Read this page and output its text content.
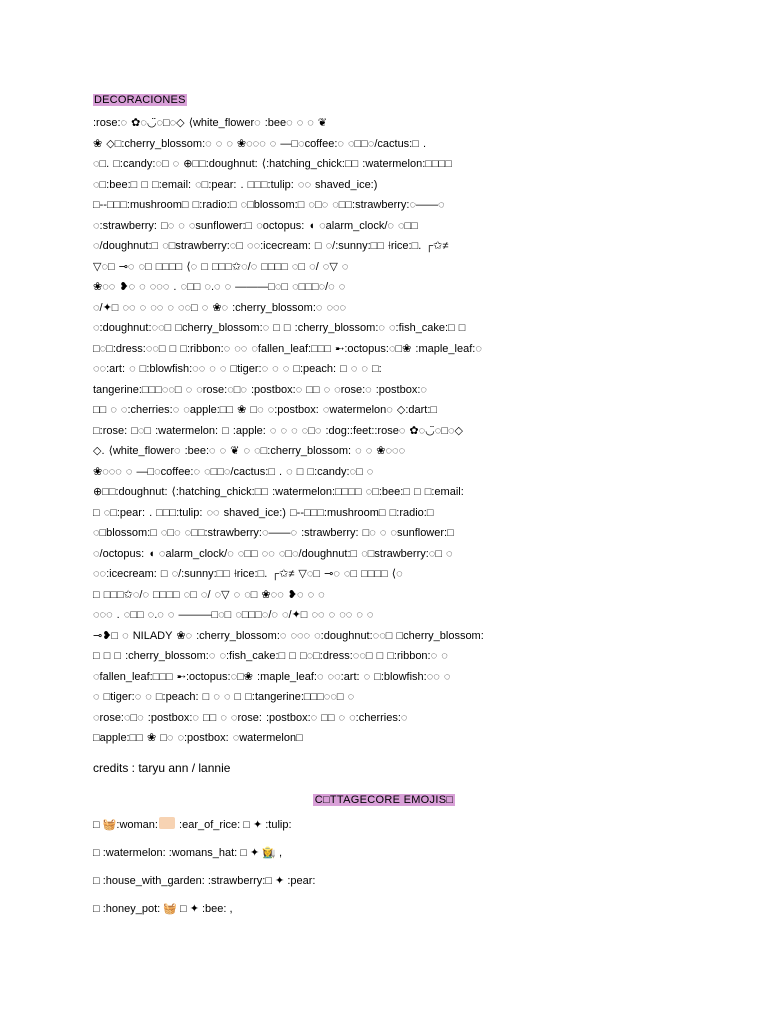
DECORACIONES
:rose:◌ ✿◌◡̈◌□◌◇ ⟨white_flower◌ :bee◌ ◌ ◌ ❦
❀ ◇□:cherry_blossom:◌ ◌ ◌ ❀◌◌◌ ◌ —□◌coffee:◌ ◌□□◌/cactus:□ .
◌□. □:candy:◌□ ◌ ⊕□□:doughnut: ⟨:hatching_chick:□□ :watermelon:□□□□
◌□:bee:□ □ □:email: ◌□:pear: . □□□:tulip: ◌◌ shaved_ice:)
□--□□□:mushroom□ □:radio:□ ◌□blossom:□ ◌□◌ ◌□□:strawberry:◌——◌
◌:strawberry: □◌ ◌ ◌sunflower:□ ◌octopus: ◖ ◌alarm_clock/◌ ◌□□
◌/doughnut:□ ◌□strawberry:◌□ ◌◌:icecream: □ ◌/:sunny:□□ ⟊rice:□. ┌✩≠
▽◌□ ⊸◌ ◌□ □□□□ ⟨◌ □ □□□✩◌/◌ □□□□ ◌□ ◌/ ◌▽ ◌
❀◌◌ ❥◌ ◌ ◌◌◌ . ◌□□ ◌.◌ ◌ ———□◌□ ◌□□□◌/◌ ◌
◌/✦□ ◌◌ ◌ ◌◌ ◌ ◌◌□ ◌ ❀◌ :cherry_blossom:◌ ◌◌◌
◌:doughnut:◌◌□ □cherry_blossom:◌ □ □ :cherry_blossom:◌ ◌:fish_cake:□ □
□◌□:dress:◌◌□ □ □:ribbon:◌ ◌◌ ◌fallen_leaf:□□□ ➸:octopus:◌□❀ :maple_leaf:◌
◌◌:art: ◌ □:blowfish:◌◌ ◌ ◌ □tiger:◌ ◌ ◌ □:peach: □ ◌ ◌ □:
tangerine:□□□◌◌□ ◌ ◌rose:◌□◌ :postbox:◌ □□ ◌ ◌rose:◌ :postbox:◌
□□ ◌ ◌:cherries:◌ ◌apple:□□ ❀ □◌ ◌:postbox: ◌watermelon◌ ◇:dart:□
□:rose: □◌□ :watermelon: □ :apple: ◌ ◌ ◌ ◌□◌ :dog::feet::rose◌ ✿◌◡̈◌□◌◇
◇. ⟨white_flower◌ :bee:◌ ◌ ❦ ◌ ◌□:cherry_blossom: ◌ ◌ ❀◌◌◌
❀◌◌◌ ◌ —□◌coffee:◌ ◌□□◌/cactus:□ . ◌ □ □:candy:◌□ ◌
⊕□□:doughnut: ⟨:hatching_chick:□□ :watermelon:□□□□ ◌□:bee:□ □ □:email:
□ ◌□:pear: . □□□:tulip: ◌◌ shaved_ice:) □--□□□:mushroom□ □:radio:□
◌□blossom:□ ◌□◌ ◌□□:strawberry:◌——◌ :strawberry: □◌ ◌ ◌sunflower:□
◌/octopus: ◖ ◌alarm_clock/◌ ◌□□ ◌◌ ◌□◌/doughnut:□ ◌□strawberry:◌□ ◌
◌◌:icecream: □ ◌/:sunny:□□ ⟊rice:□. ┌✩≠ ▽◌□ ⊸◌ ◌□ □□□□ ⟨◌
□ □□□✩◌/◌ □□□□ ◌□ ◌/ ◌▽ ◌ ◌□ ❀◌◌ ❥◌ ◌ ◌
◌◌◌ . ◌□□ ◌.◌ ◌ ———□◌□ ◌□□□◌/◌ ◌/✦□ ◌◌ ◌ ◌◌ ◌ ◌
⊸❥□ ◌ NILADY ❀◌ :cherry_blossom:◌ ◌◌◌ ◌:doughnut:◌◌□ □cherry_blossom:
□ □ □ :cherry_blossom:◌ ◌:fish_cake:□ □ □◌□:dress:◌◌□ □ □:ribbon:◌ ◌
◌fallen_leaf:□□□ ➸:octopus:◌□❀ :maple_leaf:◌ ◌◌:art: ◌ □:blowfish:◌◌ ◌
◌ □tiger:◌ ◌ □:peach: □ ◌ ◌ □ □:tangerine:□□□◌◌□ ◌
◌rose:◌□◌ :postbox:◌ □□ ◌ ◌rose: :postbox:◌ □□ ◌ ◌:cherries:◌
□apple:□□ ❀ □◌ ◌:postbox: ◌watermelon□
credits : taryu ann / lannie
C□TTAGECORE EMOJIS□
□ 🧺:woman: :ear_of_rice: □ ✦ :tulip:
□ :watermelon: :womans_hat: □ ✦ 👩‍🌾 ,
□ :house_with_garden: :strawberry:□ ✦ :pear:
□ :honey_pot: 🧺 □ ✦ :bee: ,
